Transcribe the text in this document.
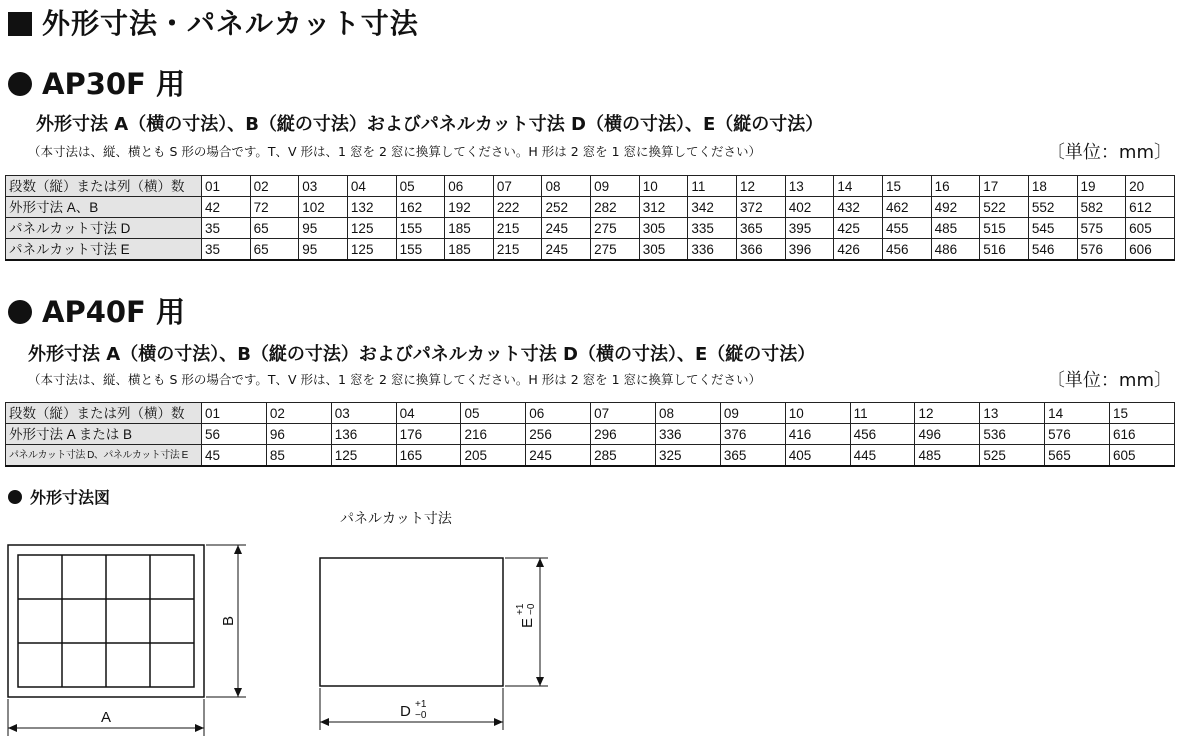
外形寸法・パネルカット寸法
AP30F 用
外形寸法 A（横の寸法）、B（縦の寸法）およびパネルカット寸法 D（横の寸法）、E（縦の寸法）
（本寸法は、縦、横とも S 形の場合です。T、V 形は、1 窓を 2 窓に換算してください。H 形は 2 窓を 1 窓に換算してください）	〔単位：mm〕
段数（縦）または列（横）数	01	02	03	04	05	06	07	08	09	10	11	12	13	14	15	16	17	18	19	20
外形寸法 A、B	42	72	102	132	162	192	222	252	282	312	342	372	402	432	462	492	522	552	582	612
パネルカット寸法 D	35	65	95	125	155	185	215	245	275	305	335	365	395	425	455	485	515	545	575	605
パネルカット寸法 E	35	65	95	125	155	185	215	245	275	305	336	366	396	426	456	486	516	546	576	606
AP40F 用
外形寸法 A（横の寸法）、B（縦の寸法）およびパネルカット寸法 D（横の寸法）、E（縦の寸法）
（本寸法は、縦、横とも S 形の場合です。T、V 形は、1 窓を 2 窓に換算してください。H 形は 2 窓を 1 窓に換算してください）	〔単位：mm〕
段数（縦）または列（横）数	01	02	03	04	05	06	07	08	09	10	11	12	13	14	15
外形寸法 A または B	56	96	136	176	216	256	296	336	376	416	456	496	536	576	616
パネルカット寸法 D、パネルカット寸法 E	45	85	125	165	205	245	285	325	365	405	445	485	525	565	605
外形寸法図
パネルカット寸法
A
B
D +1
−0
E
+1 −0
